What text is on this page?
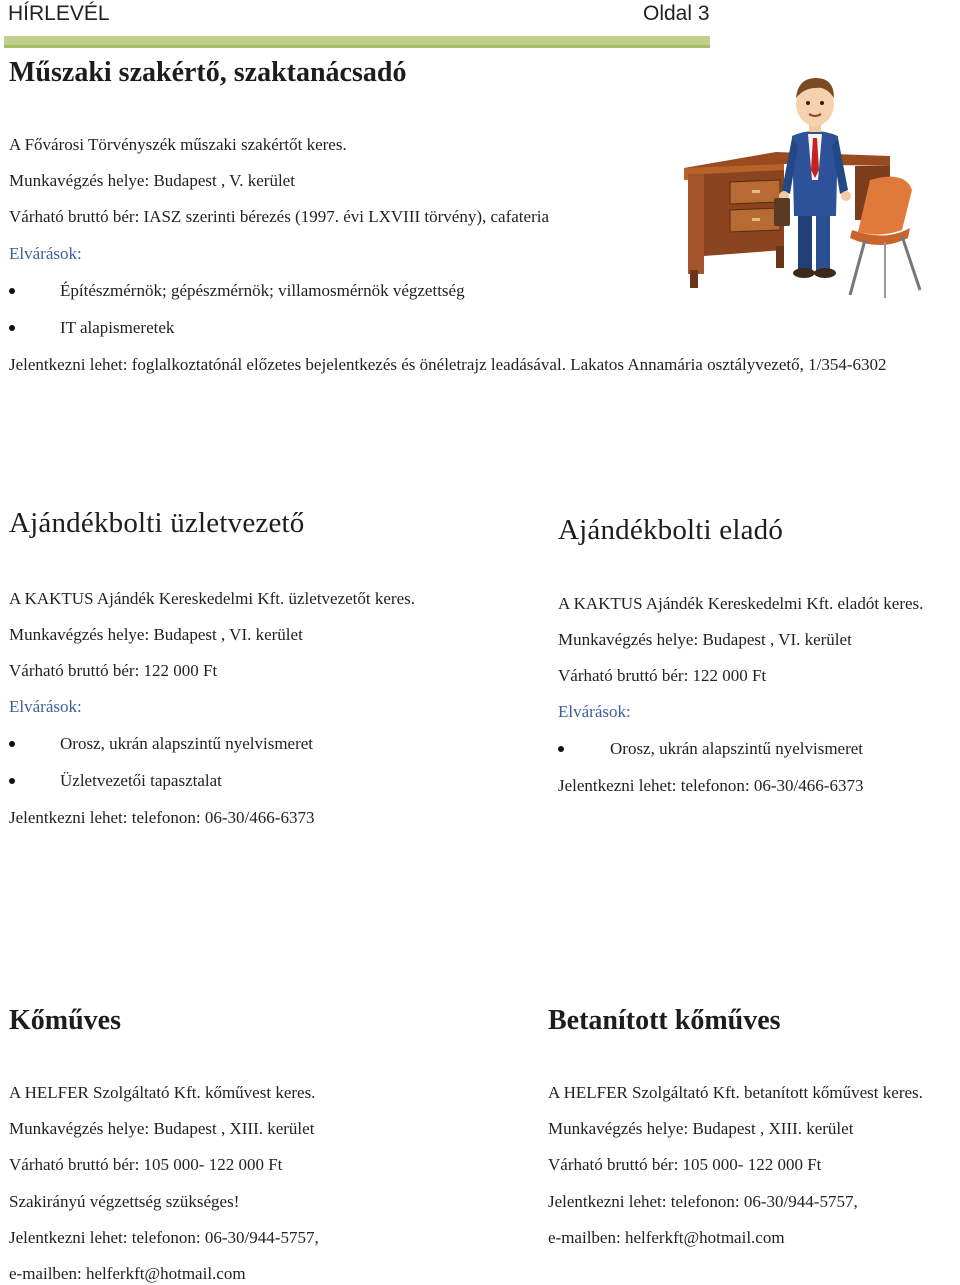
HÍRLEVÉL	Oldal 3
Műszaki szakértő, szaktanácsadó

A Fővárosi Törvényszék műszaki szakértőt keres.

Munkavégzés helye: Budapest , V. kerület

Várható bruttó bér: IASZ szerinti bérezés (1997. évi LXVIII törvény), cafateria

Elvárások:

Építészmérnök; gépészmérnök; villamosmérnök végzettség

IT alapismeretek

Jelentkezni lehet: foglalkoztatónál előzetes bejelentkezés és önéletrajz leadásával. Lakatos Annamária osztályvezető, 1/354-6302

Ajándékbolti üzletvezető

A KAKTUS Ajándék Kereskedelmi Kft. üzletvezetőt keres.

Munkavégzés helye: Budapest , VI. kerület

Várható bruttó bér: 122 000 Ft

Elvárások:

Orosz, ukrán alapszintű nyelvismeret

Üzletvezetői tapasztalat

Jelentkezni lehet: telefonon: 06-30/466-6373

Ajándékbolti eladó

A KAKTUS Ajándék Kereskedelmi Kft. eladót keres.

Munkavégzés helye: Budapest , VI. kerület

Várható bruttó bér: 122 000 Ft

Elvárások:

Orosz, ukrán alapszintű nyelvismeret

Jelentkezni lehet: telefonon: 06-30/466-6373

Kőműves

A HELFER Szolgáltató Kft. kőművest keres.

Munkavégzés helye: Budapest , XIII. kerület

Várható bruttó bér: 105 000- 122 000 Ft

Szakirányú végzettség szükséges!

Jelentkezni lehet: telefonon: 06-30/944-5757,

e-mailben: helferkft@hotmail.com

Betanított kőműves

A HELFER Szolgáltató Kft. betanított kőművest keres.

Munkavégzés helye: Budapest , XIII. kerület

Várható bruttó bér: 105 000- 122 000 Ft

Jelentkezni lehet: telefonon: 06-30/944-5757,

e-mailben: helferkft@hotmail.com
